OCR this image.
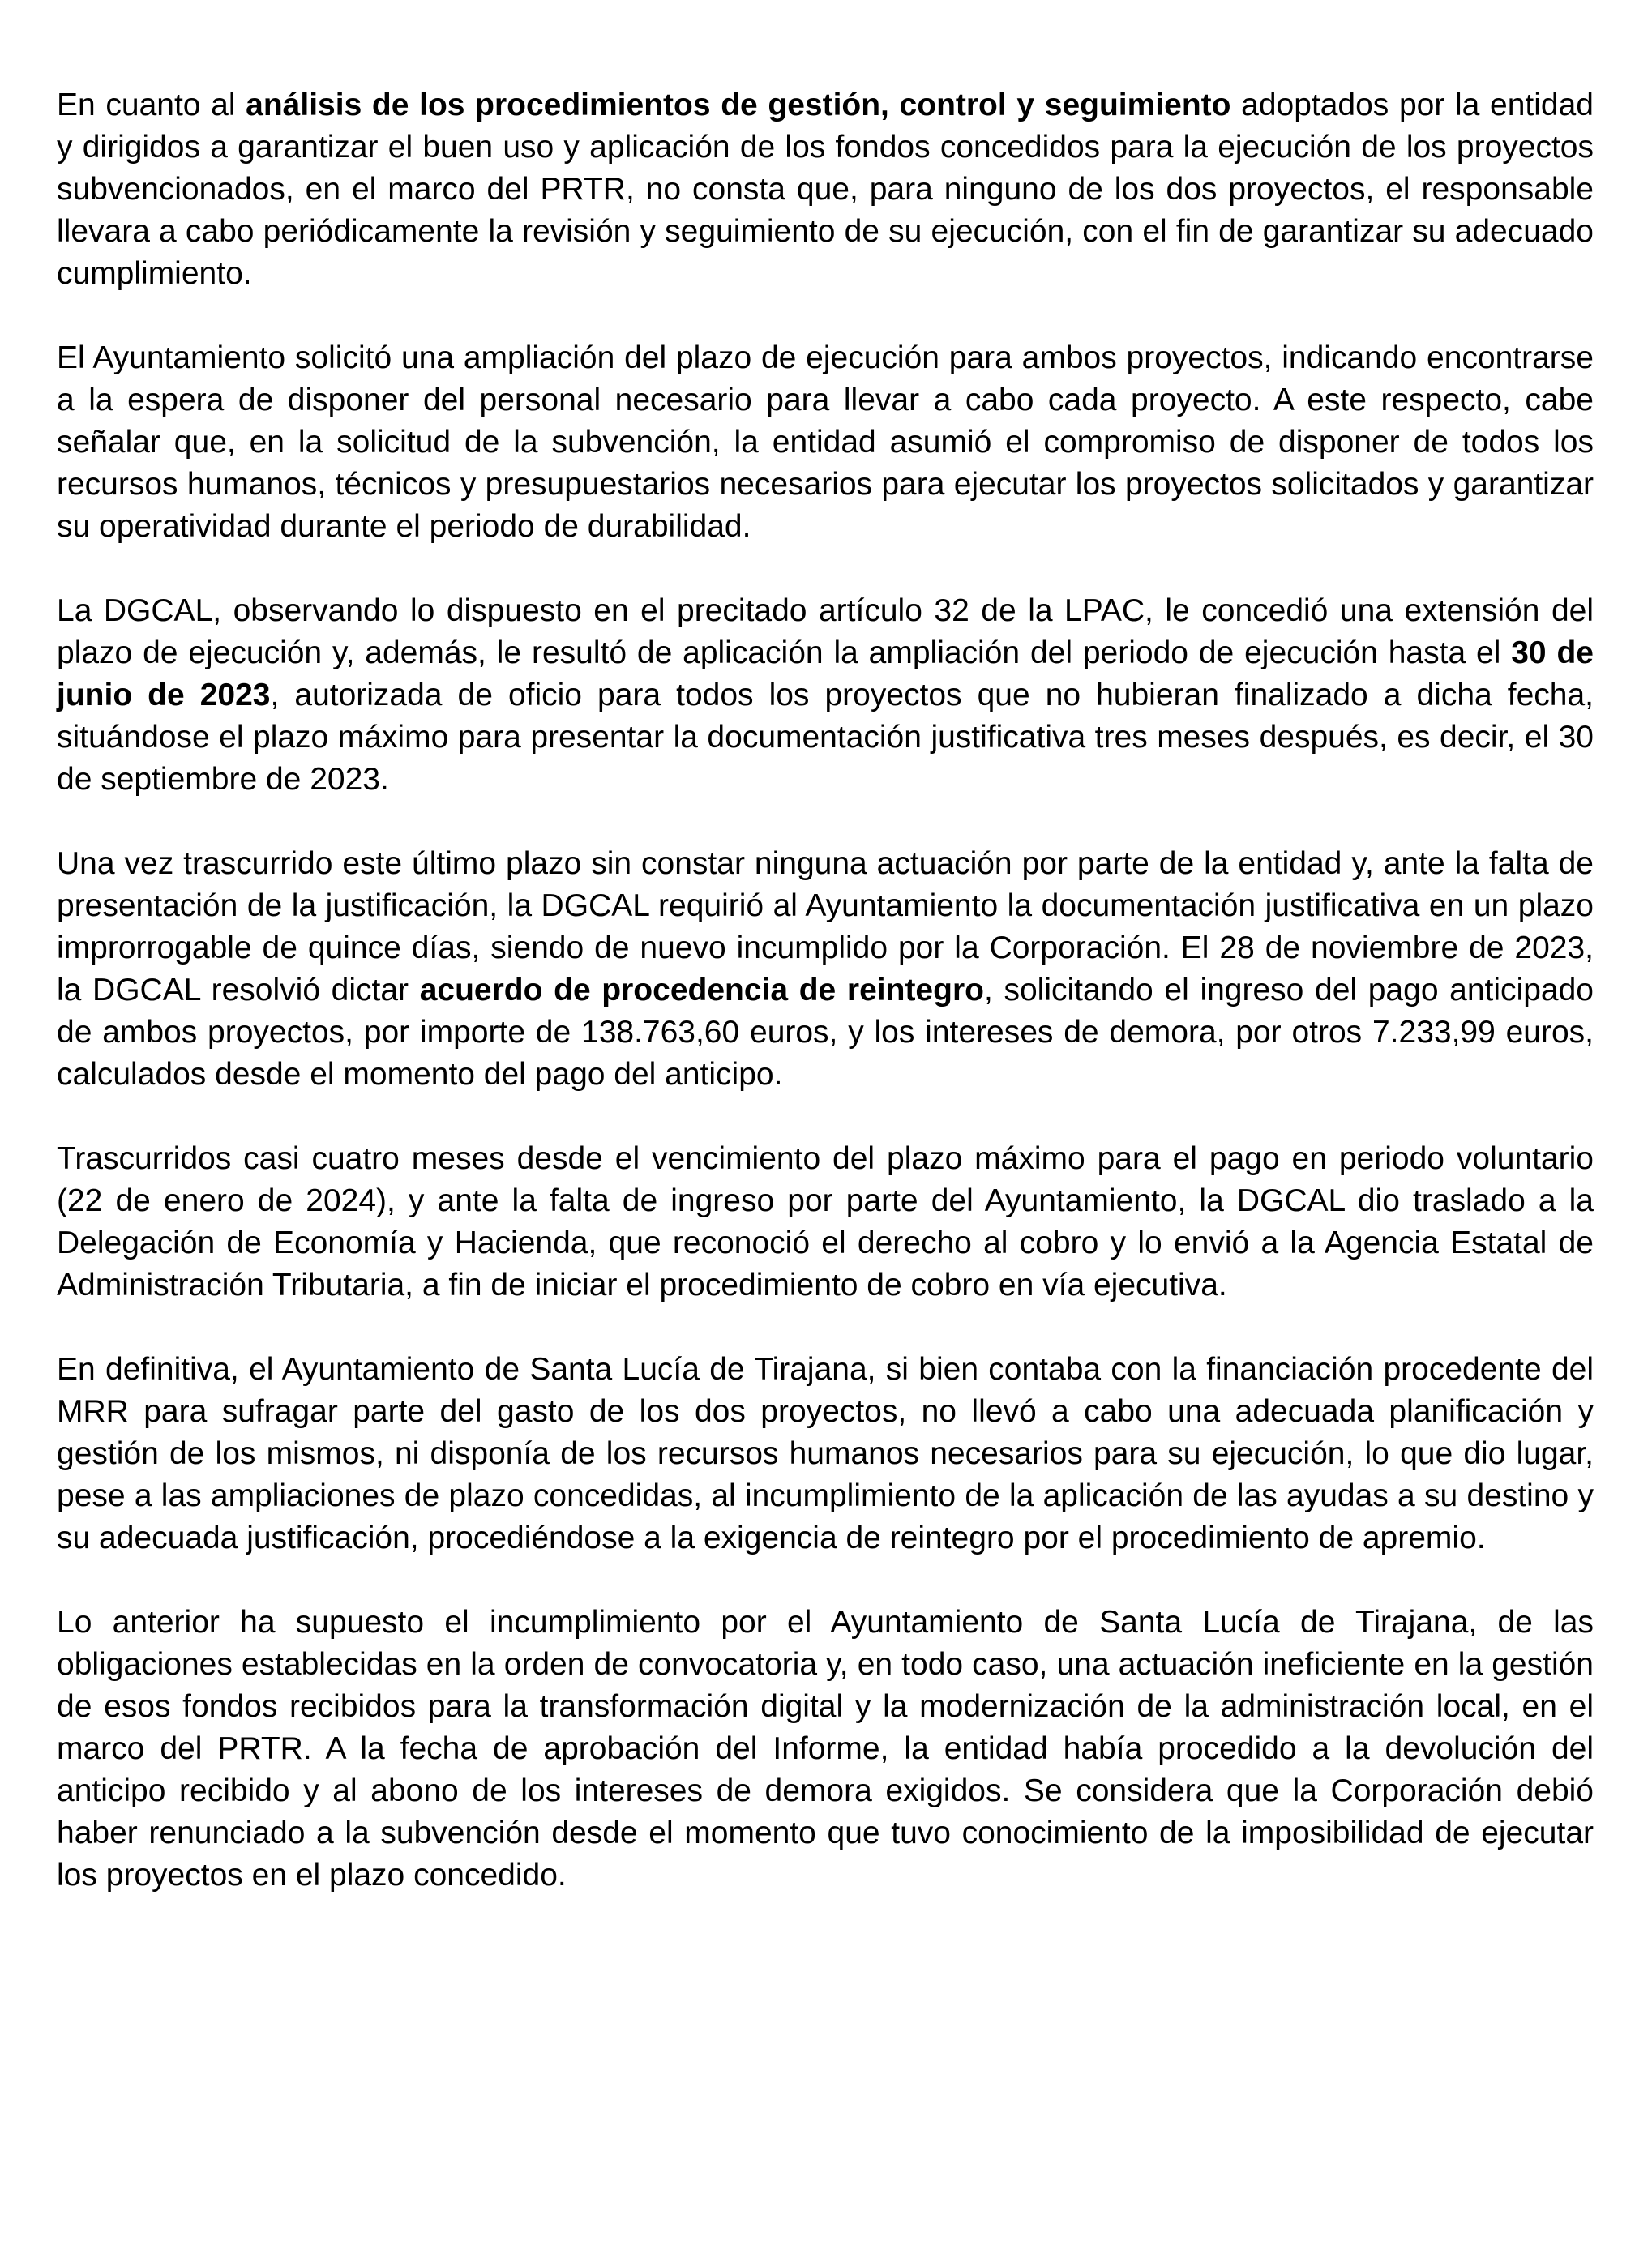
En cuanto al análisis de los procedimientos de gestión, control y seguimiento adoptados por la entidad y dirigidos a garantizar el buen uso y aplicación de los fondos concedidos para la ejecución de los proyectos subvencionados, en el marco del PRTR, no consta que, para ninguno de los dos proyectos, el responsable llevara a cabo periódicamente la revisión y seguimiento de su ejecución, con el fin de garantizar su adecuado cumplimiento.

El Ayuntamiento solicitó una ampliación del plazo de ejecución para ambos proyectos, indicando encontrarse a la espera de disponer del personal necesario para llevar a cabo cada proyecto. A este respecto, cabe señalar que, en la solicitud de la subvención, la entidad asumió el compromiso de disponer de todos los recursos humanos, técnicos y presupuestarios necesarios para ejecutar los proyectos solicitados y garantizar su operatividad durante el periodo de durabilidad.

La DGCAL, observando lo dispuesto en el precitado artículo 32 de la LPAC, le concedió una extensión del plazo de ejecución y, además, le resultó de aplicación la ampliación del periodo de ejecución hasta el 30 de junio de 2023, autorizada de oficio para todos los proyectos que no hubieran finalizado a dicha fecha, situándose el plazo máximo para presentar la documentación justificativa tres meses después, es decir, el 30 de septiembre de 2023.

Una vez trascurrido este último plazo sin constar ninguna actuación por parte de la entidad y, ante la falta de presentación de la justificación, la DGCAL requirió al Ayuntamiento la documentación justificativa en un plazo improrrogable de quince días, siendo de nuevo incumplido por la Corporación. El 28 de noviembre de 2023, la DGCAL resolvió dictar acuerdo de procedencia de reintegro, solicitando el ingreso del pago anticipado de ambos proyectos, por importe de 138.763,60 euros, y los intereses de demora, por otros 7.233,99 euros, calculados desde el momento del pago del anticipo.

Trascurridos casi cuatro meses desde el vencimiento del plazo máximo para el pago en periodo voluntario (22 de enero de 2024), y ante la falta de ingreso por parte del Ayuntamiento, la DGCAL dio traslado a la Delegación de Economía y Hacienda, que reconoció el derecho al cobro y lo envió a la Agencia Estatal de Administración Tributaria, a fin de iniciar el procedimiento de cobro en vía ejecutiva.

En definitiva, el Ayuntamiento de Santa Lucía de Tirajana, si bien contaba con la financiación procedente del MRR para sufragar parte del gasto de los dos proyectos, no llevó a cabo una adecuada planificación y gestión de los mismos, ni disponía de los recursos humanos necesarios para su ejecución, lo que dio lugar, pese a las ampliaciones de plazo concedidas, al incumplimiento de la aplicación de las ayudas a su destino y su adecuada justificación, procediéndose a la exigencia de reintegro por el procedimiento de apremio.

Lo anterior ha supuesto el incumplimiento por el Ayuntamiento de Santa Lucía de Tirajana, de las obligaciones establecidas en la orden de convocatoria y, en todo caso, una actuación ineficiente en la gestión de esos fondos recibidos para la transformación digital y la modernización de la administración local, en el marco del PRTR. A la fecha de aprobación del Informe, la entidad había procedido a la devolución del anticipo recibido y al abono de los intereses de demora exigidos. Se considera que la Corporación debió haber renunciado a la subvención desde el momento que tuvo conocimiento de la imposibilidad de ejecutar los proyectos en el plazo concedido.
